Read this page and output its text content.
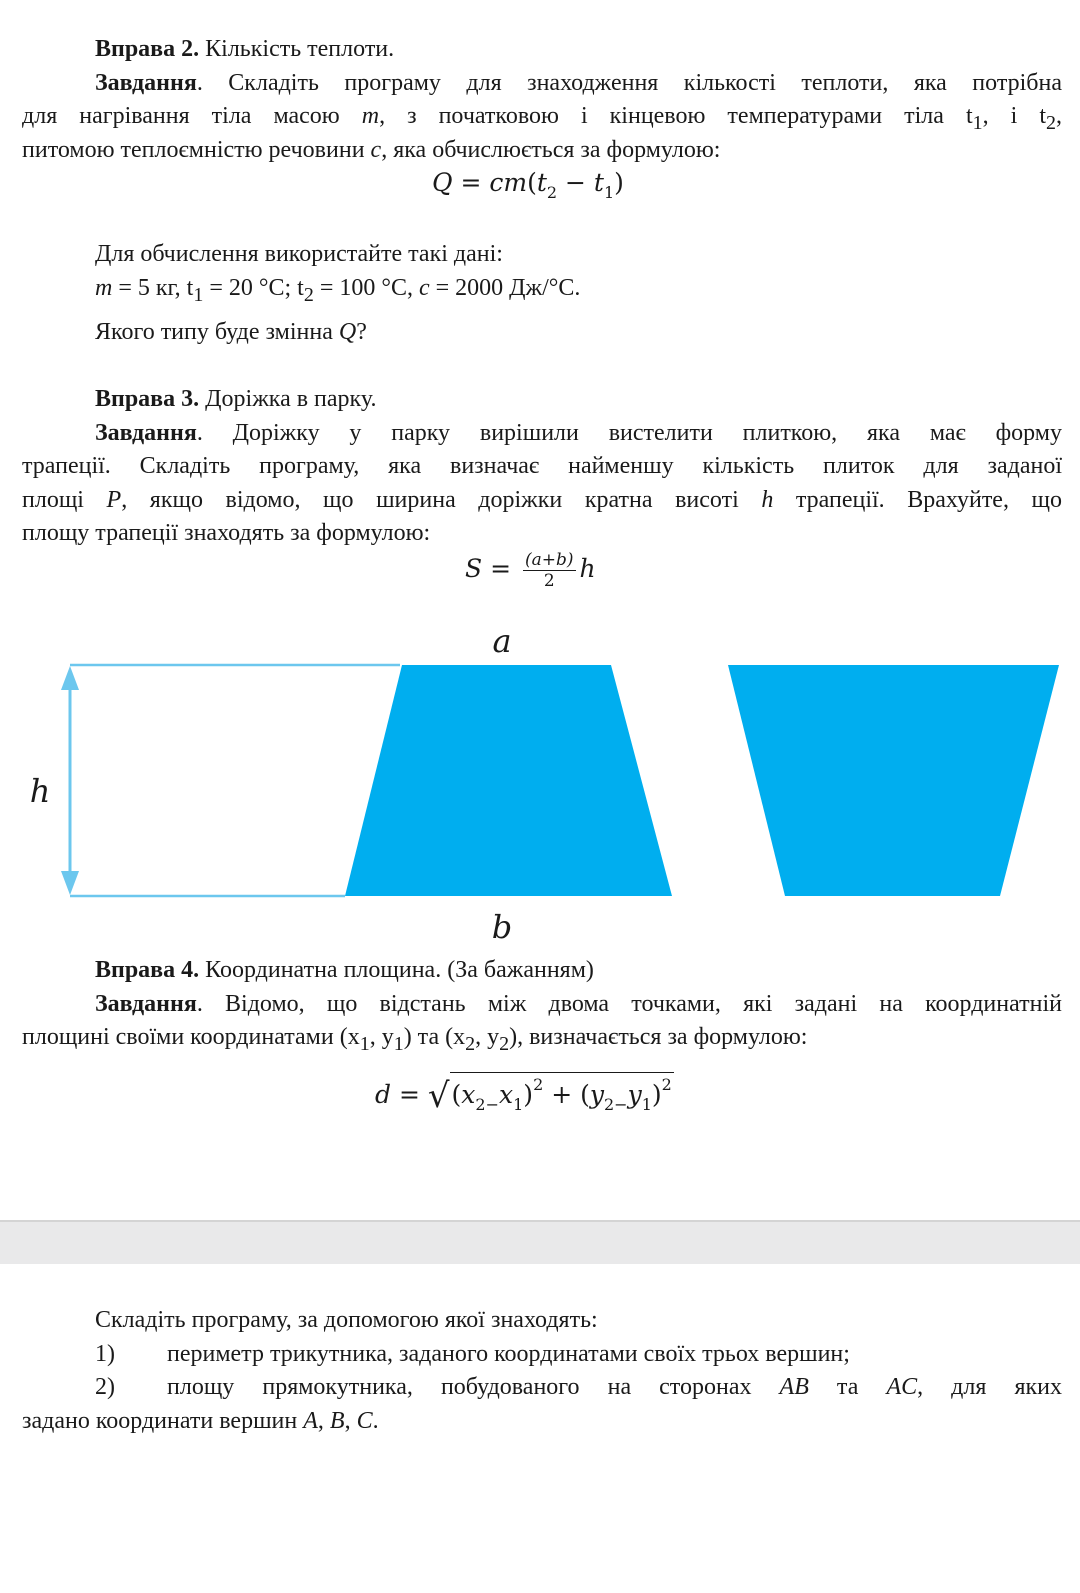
Вправа 2. Кількість теплоти.
Завдання. Складіть програму для знаходження кількості теплоти, яка потрібна
для нагрівання тіла масою m, з початковою і кінцевою температурами тіла $t_1$, і $t_2$,
питомою теплоємністю речовини c, яка обчислюється за формулою:
$Q = cm(t_2 - t_1)$
Для обчислення використайте такі дані:
m = 5 кг, $t_1 = 20$ °C; $t_2 = 100$ °C, c = 2000 Дж/°C.
Якого типу буде змінна Q?
Вправа 3. Доріжка в парку.
Завдання. Доріжку у парку вирішили вистелити плиткою, яка має форму
трапеції. Складіть програму, яка визначає найменшу кількість плиток для заданої
площі P, якщо відомо, що ширина доріжки кратна висоті h трапеції. Врахуйте, що
площу трапеції знаходять за формулою:
$S = \frac{(a+b)}{2}$ h
a
h
b
Вправа 4. Координатна площина. (За бажанням)
Завдання. Відомо, що відстань між двома точками, які задані на координатній
площині своїми координатами ($x_1$, $y_1$) та ($x_2$, $y_2$), визначається за формулою:
$d = √(x_{2-}x_1)^2 + (y_{2-}y_1)^2$
Складіть програму, за допомогою якої знаходять:
1) периметр трикутника, заданого координатами своїх трьох вершин;
2) площу прямокутника, побудованого на сторонах AB та AC, для яких
задано координати вершин A, B, C.
